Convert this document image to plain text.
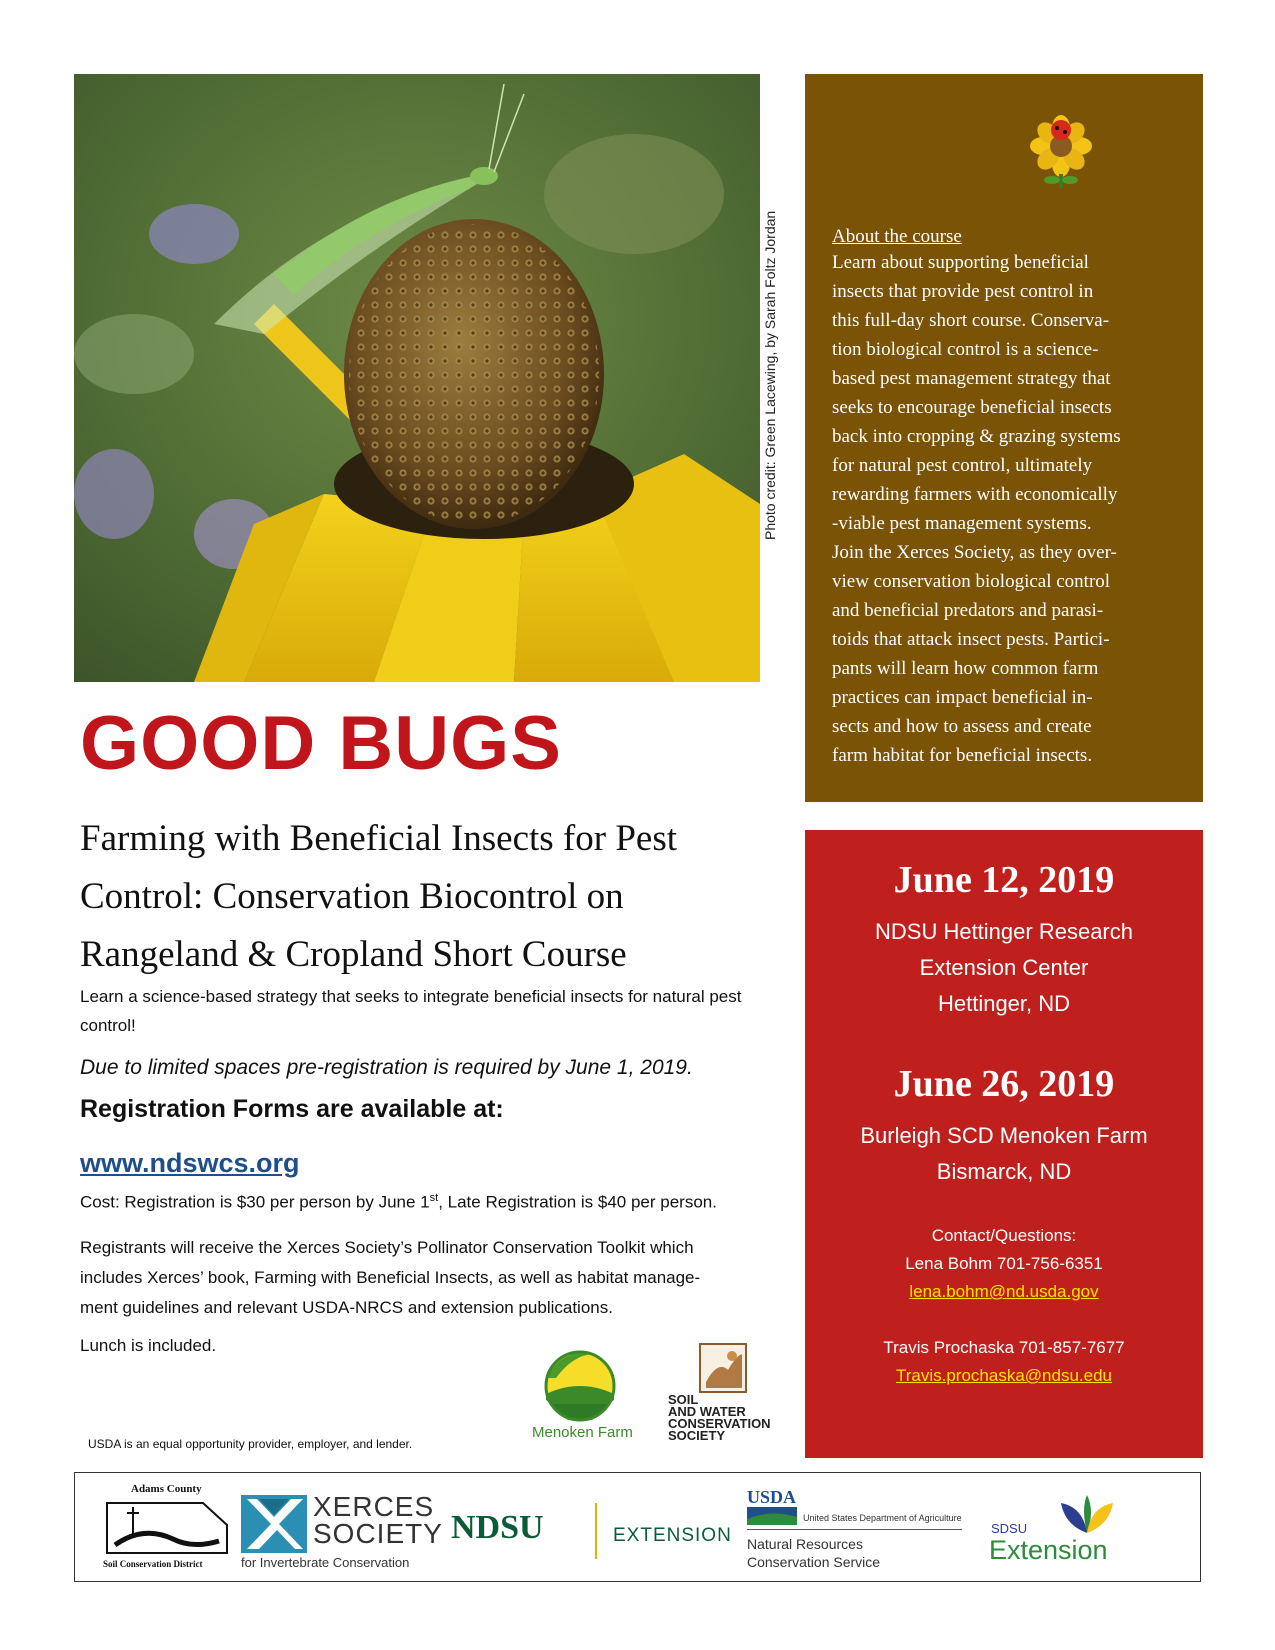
Photo credit: Green Lacewing, by Sarah Foltz Jordan	About the course

Learn about supporting beneficial

insects that provide pest control in

this full-day short course. Conserva-

tion biological control is a science-

based pest management strategy that

seeks to encourage beneficial insects

back into cropping & grazing systems

for natural pest control, ultimately

rewarding farmers with economically

-viable pest management systems.

Join the Xerces Society, as they over-

view conservation biological control

and beneficial predators and parasi-

toids that attack insect pests. Partici-

pants will learn how common farm

practices can impact beneficial in-

sects and how to assess and create

farm habitat for beneficial insects.

GOOD BUGS
Farming with Beneficial Insects for Pest
Control: Conservation Biocontrol on
Rangeland & Cropland Short Course
Learn a science-based strategy that seeks to integrate beneficial insects for natural pest control!
Due to limited spaces pre-registration is required by June 1, 2019.
Registration Forms are available at:
www.ndswcs.org
Cost: Registration is $30 per person by June 1st, Late Registration is $40 per person.
Registrants will receive the Xerces Society’s Pollinator Conservation Toolkit which
includes Xerces’ book, Farming with Beneficial Insects, as well as habitat manage-
ment guidelines and relevant USDA-NRCS and extension publications.
Lunch is included.
USDA is an equal opportunity provider, employer, and lender.
June 12, 2019
NDSU Hettinger Research
Extension Center
Hettinger, ND
June 26, 2019
Burleigh SCD Menoken Farm
Bismarck, ND
Contact/Questions:
Lena Bohm 701-756-6351
lena.bohm@nd.usda.gov
Travis Prochaska 701-857-7677
Travis.prochaska@ndsu.edu
Menoken Farm
SOIL
AND WATER
CONSERVATION
SOCIETY
Adams County
Soil Conservation District
XERCES
SOCIETY
for Invertebrate Conservation
NDSU	EXTENSION
USDA
United States Department of Agriculture
Natural Resources
Conservation Service
SDSU
Extension
